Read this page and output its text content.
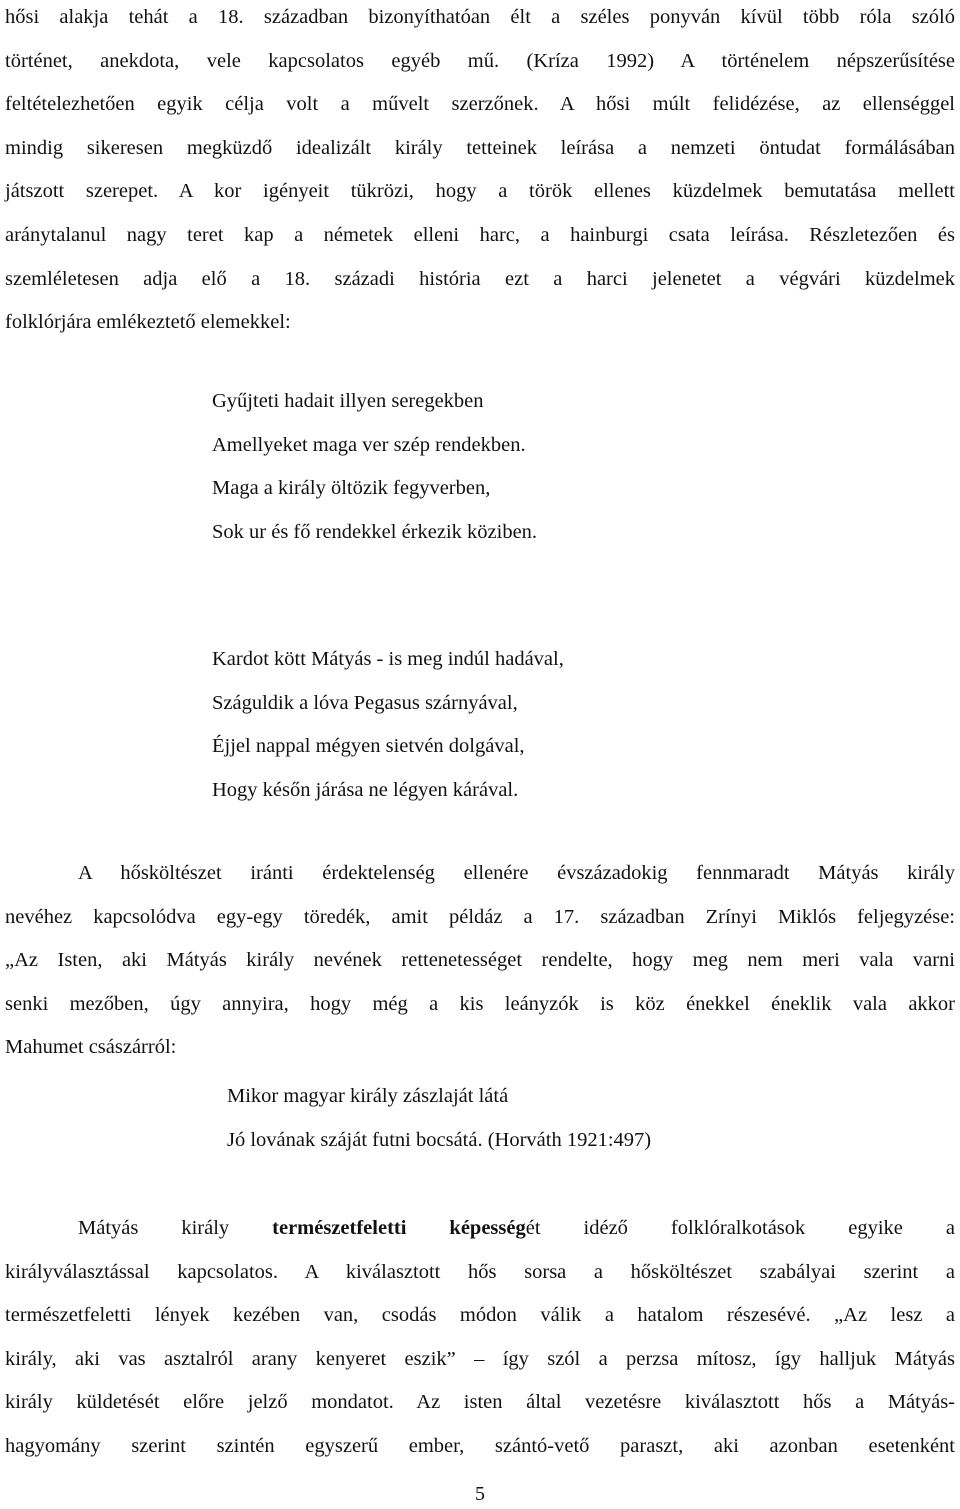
hősi alakja tehát a 18. században bizonyíthatóan élt a széles ponyván kívül több róla szóló
történet, anekdota, vele kapcsolatos egyéb mű. (Kríza 1992) A történelem népszerűsítése
feltételezhetően egyik célja volt a művelt szerzőnek. A hősi múlt felidézése, az ellenséggel
mindig sikeresen megküzdő idealizált király tetteinek leírása a nemzeti öntudat formálásában
játszott szerepet. A kor igényeit tükrözi, hogy a török ellenes küzdelmek bemutatása mellett
aránytalanul nagy teret kap a németek elleni harc, a hainburgi csata leírása. Részletezően és
szemléletesen adja elő a 18. századi história ezt a harci jelenetet a végvári küzdelmek
folklórjára emlékeztető elemekkel:
Gyűjteti hadait illyen seregekben
Amellyeket maga ver szép rendekben.
Maga a király öltözik fegyverben,
Sok ur és fő rendekkel érkezik köziben.
Kardot kött Mátyás - is meg indúl hadával,
Száguldik a lóva Pegasus szárnyával,
Éjjel nappal mégyen sietvén dolgával,
Hogy későn járása ne légyen kárával.
A hősköltészet iránti érdektelenség ellenére évszázadokig fennmaradt Mátyás király
nevéhez kapcsolódva egy-egy töredék, amit példáz a 17. században Zrínyi Miklós feljegyzése:
„Az Isten, aki Mátyás király nevének rettenetességet rendelte, hogy meg nem meri vala varni
senki mezőben, úgy annyira, hogy még a kis leányzók is köz énekkel éneklik vala akkor
Mahumet császárról:
Mikor magyar király zászlaját látá
Jó lovának száját futni bocsátá. (Horváth 1921:497)
Mátyás király természetfeletti képességét idéző folklóralkotások egyike a
királyválasztással kapcsolatos. A kiválasztott hős sorsa a hősköltészet szabályai szerint a
természetfeletti lények kezében van, csodás módon válik a hatalom részesévé. „Az lesz a
király, aki vas asztalról arany kenyeret eszik” – így szól a perzsa mítosz, így halljuk Mátyás
király küldetését előre jelző mondatot. Az isten által vezetésre kiválasztott hős a Mátyás-
hagyomány szerint szintén egyszerű ember, szántó-vető paraszt, aki azonban esetenként
5
